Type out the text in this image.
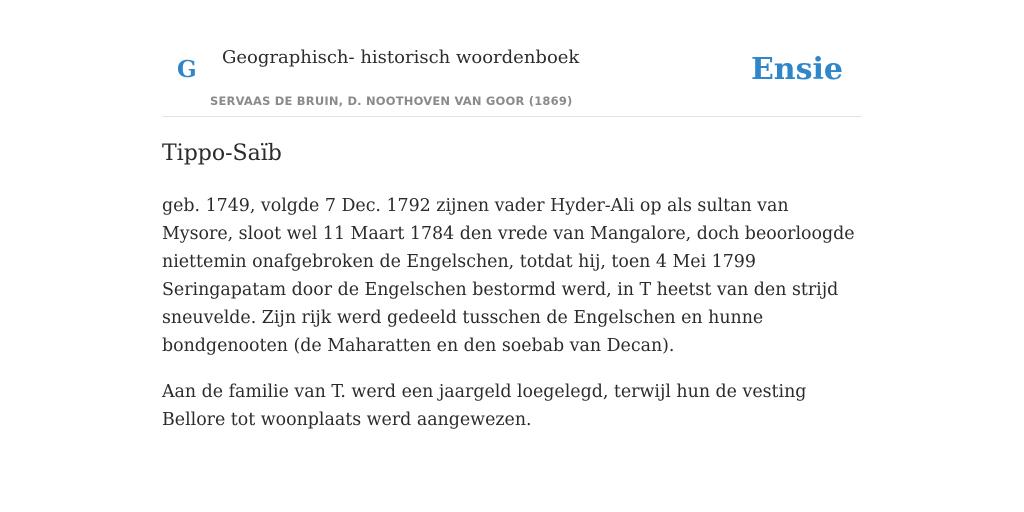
G Geographisch- historisch woordenboek
SERVAAS DE BRUIN, D. NOOTHOVEN VAN GOOR (1869)
Ensie
Tippo-Saïb

geb. 1749, volgde 7 Dec. 1792 zijnen vader Hyder-Ali op als sultan van Mysore, sloot wel 11 Maart 1784 den vrede van Mangalore, doch beoorloogde niettemin onafgebroken de Engelschen, totdat hij, toen 4 Mei 1799 Seringapatam door de Engelschen bestormd werd, in T heetst van den strijd sneuvelde. Zijn rijk werd gedeeld tusschen de Engelschen en hunne bondgenooten (de Maharatten en den soebab van Decan).

Aan de familie van T. werd een jaargeld loegelegd, terwijl hun de vesting Bellore tot woonplaats werd aangewezen.
